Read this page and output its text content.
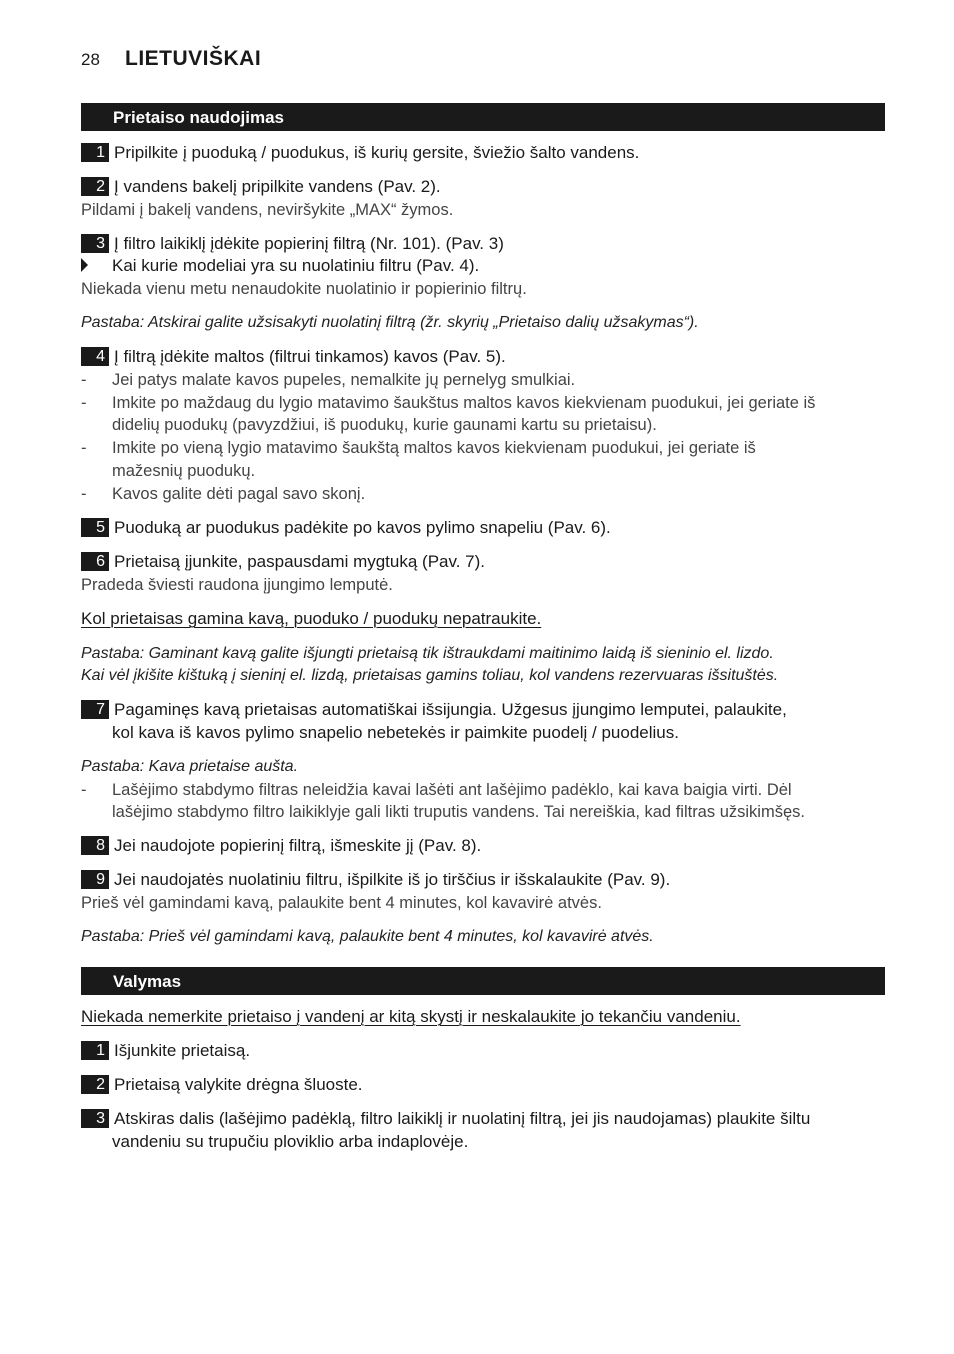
28 LIETUVIŠKAI
Prietaiso naudojimas
1 Pripilkite į puoduką / puodukus, iš kurių gersite, šviežio šalto vandens.
2 Į vandens bakelį pripilkite vandens (Pav. 2).
Pildami į bakelį vandens, neviršykite „MAX“ žymos.
3 Į filtro laikiklį įdėkite popierinį filtrą (Nr. 101). (Pav. 3)
Kai kurie modeliai yra su nuolatiniu filtru (Pav. 4).
Niekada vienu metu nenaudokite nuolatinio ir popierinio filtrų.
Pastaba: Atskirai galite užsisakyti nuolatinį filtrą (žr. skyrių „Prietaiso dalių užsakymas“).
4 Į filtrą įdėkite maltos (filtrui tinkamos) kavos (Pav. 5).
- Jei patys malate kavos pupeles, nemalkite jų pernelyg smulkiai.
- Imkite po maždaug du lygio matavimo šaukštus maltos kavos kiekvienam puodukui, jei geriate iš
didelių puodukų (pavyzdžiui, iš puodukų, kurie gaunami kartu su prietaisu).
- Imkite po vieną lygio matavimo šaukštą maltos kavos kiekvienam puodukui, jei geriate iš
mažesnių puodukų.
- Kavos galite dėti pagal savo skonį.
5 Puoduką ar puodukus padėkite po kavos pylimo snapeliu (Pav. 6).
6 Prietaisą įjunkite, paspausdami mygtuką (Pav. 7).
Pradeda šviesti raudona įjungimo lemputė.
Kol prietaisas gamina kavą, puoduko / puodukų nepatraukite.
Pastaba: Gaminant kavą galite išjungti prietaisą tik ištraukdami maitinimo laidą iš sieninio el. lizdo.
Kai vėl įkišite kištuką į sieninį el. lizdą, prietaisas gamins toliau, kol vandens rezervuaras išsituštės.
7 Pagaminęs kavą prietaisas automatiškai išsijungia. Užgesus įjungimo lemputei, palaukite,
kol kava iš kavos pylimo snapelio nebetekės ir paimkite puodelį / puodelius.
Pastaba: Kava prietaise aušta.
- Lašėjimo stabdymo filtras neleidžia kavai lašėti ant lašėjimo padėklo, kai kava baigia virti. Dėl
lašėjimo stabdymo filtro laikiklyje gali likti truputis vandens. Tai nereiškia, kad filtras užsikimšęs.
8 Jei naudojote popierinį filtrą, išmeskite jį (Pav. 8).
9 Jei naudojatės nuolatiniu filtru, išpilkite iš jo tirščius ir išskalaukite (Pav. 9).
Prieš vėl gamindami kavą, palaukite bent 4 minutes, kol kavavirė atvės.
Pastaba: Prieš vėl gamindami kavą, palaukite bent 4 minutes, kol kavavirė atvės.
Valymas
Niekada nemerkite prietaiso į vandenį ar kitą skystį ir neskalaukite jo tekančiu vandeniu.
1 Išjunkite prietaisą.
2 Prietaisą valykite drėgna šluoste.
3 Atskiras dalis (lašėjimo padėklą, filtro laikiklį ir nuolatinį filtrą, jei jis naudojamas) plaukite šiltu
vandeniu su trupučiu ploviklio arba indaplovėje.
